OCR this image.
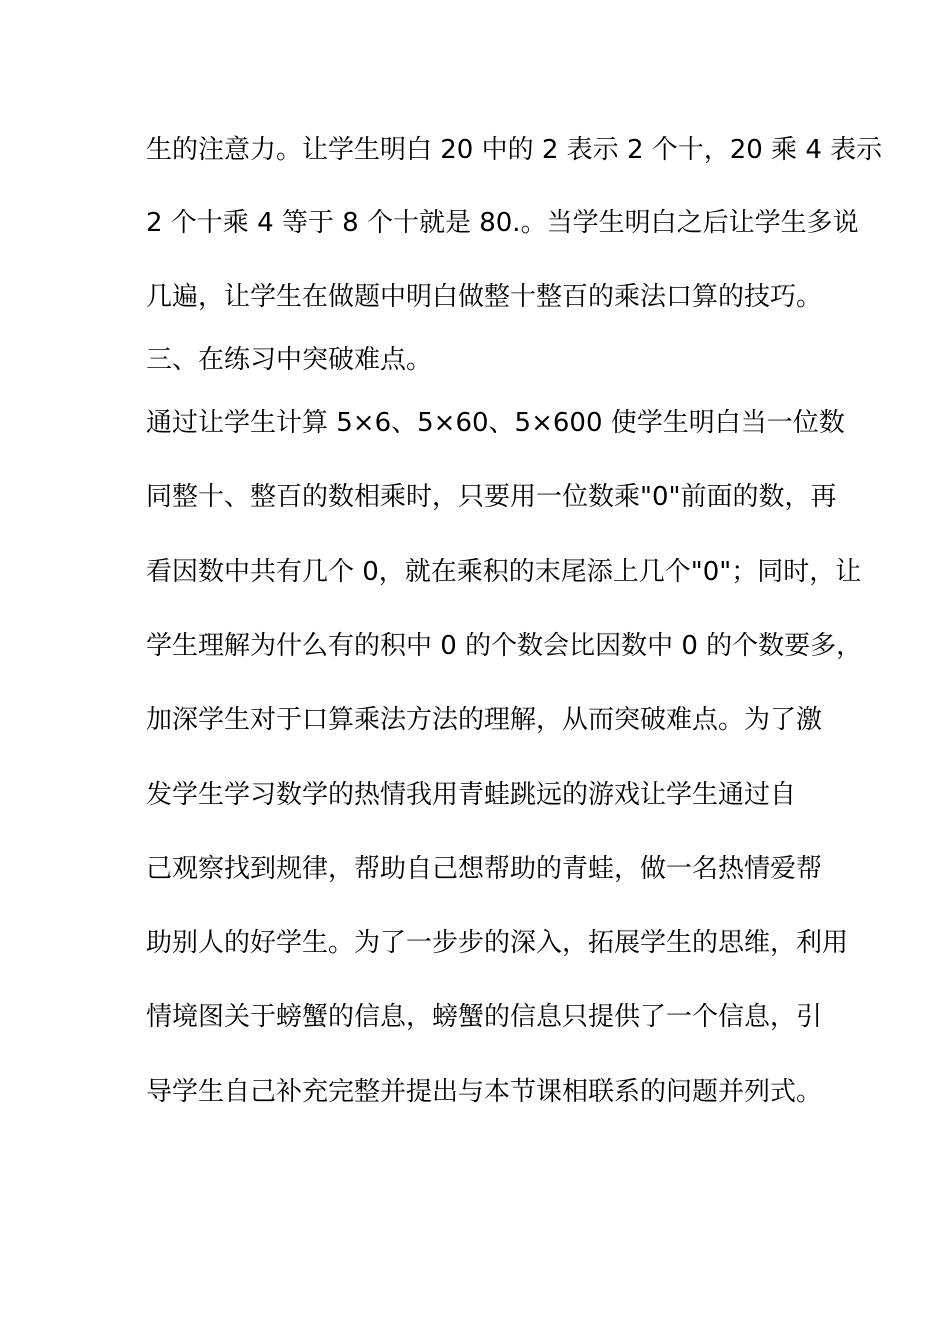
生的注意力。让学生明白 20 中的 2 表示 2 个十，20 乘 4 表示

2 个十乘 4 等于 8 个十就是 80.。当学生明白之后让学生多说

几遍，让学生在做题中明白做整十整百的乘法口算的技巧。

三、在练习中突破难点。

通过让学生计算 5×6、5×60、5×600 使学生明白当一位数

同整十、整百的数相乘时，只要用一位数乘"0"前面的数，再

看因数中共有几个 0，就在乘积的末尾添上几个"0"；同时，让

学生理解为什么有的积中 0 的个数会比因数中 0 的个数要多，

加深学生对于口算乘法方法的理解，从而突破难点。为了激

发学生学习数学的热情我用青蛙跳远的游戏让学生通过自

己观察找到规律，帮助自己想帮助的青蛙，做一名热情爱帮

助别人的好学生。为了一步步的深入，拓展学生的思维，利用

情境图关于螃蟹的信息，螃蟹的信息只提供了一个信息，引

导学生自己补充完整并提出与本节课相联系的问题并列式。
